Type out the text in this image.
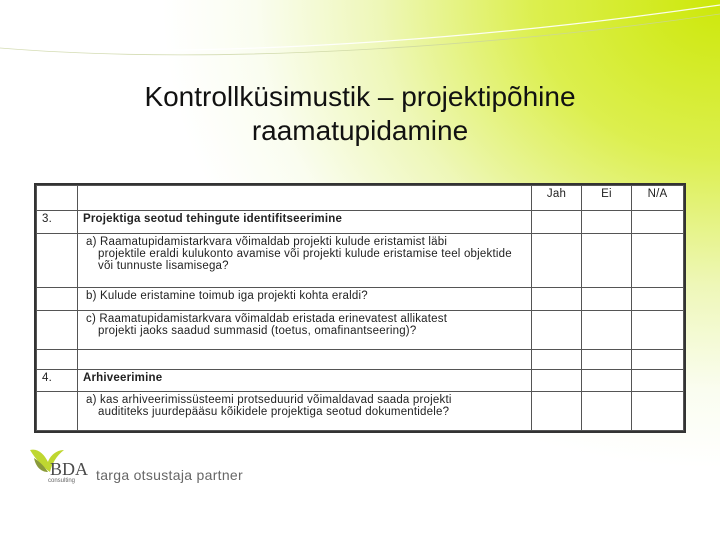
Kontrollküsimustik – projektipõhine
raamatupidamine
		Jah	Ei	N/A
3.	Projektiga seotud tehingute identifitseerimine			
	a) Raamatupidamistarkvara võimaldab projekti kulude eristamist läbi
projektile eraldi kulukonto avamise või projekti kulude eristamise teel objektide või tunnuste lisamisega?			

	b) Kulude eristamine toimub iga projekti kohta eraldi?			
	c) Raamatupidamistarkvara võimaldab eristada erinevatest allikatest
projekti jaoks saadud summasid (toetus, omafinantseering)?			

4.	Arhiveerimine			
	a) kas arhiveerimissüsteemi protseduurid võimaldavad saada projekti
audititeks juurdepääsu kõikidele projektiga seotud dokumentidele?			

BDA
consulting targa otsustaja partner
